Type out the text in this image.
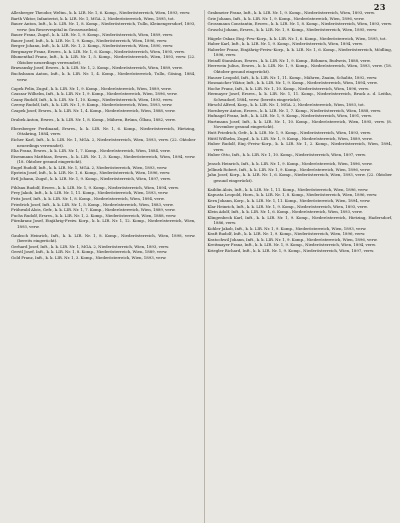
23

Allesberger Theodor, Weltm., k. k. LIR. Nr. 1, 6. Komp., Niederösterreich, Wien, 1893, verw.

Barth Viktor, Infanterist, k. k. LIR. Nr. 1, MGA. 2, Niederösterreich, Wien, 1895, tot.

Bauer Anton, Inft., k. k. LIR. Nr. 1, 8. Komp., Niederösterreich, Tulln, Kleinengersdorf, 1893, verw. (im Reservespital in Grosswardein).

Bauer Franz, Zugsf., k. k. LIR. Nr. 1, 9. Komp., Niederösterreich, Wien, 1889, verw.

Bauer Josef, Inft., k. k. LIR. Nr. 1, 9. Komp., Niederösterreich, Wien, 1896, verw.

Berger Johann, Inft., k. k. LIR. Nr. 1, 2. Komp., Niederösterreich, Wien, 1890, verw.

Bergmayer Franz, Ersres., k. k. LIR. Nr. 1, 6. Komp., Niederösterreich, Wien, 1895, verw.

Blumenthal Franz, Inft., k. k. LIR. Nr. 1, 5. Komp., Niederösterreich, Wien, 1893, verw. (22. Oktober neuerdings verwundet).

Brawansky Josef, Ersres., k. k. LIR. Nr. 1, 2. Komp., Niederösterreich, Wien, 1889, verw.

Buchsbaum Anton, Inft., k. k. LIR. Nr. 1, 4. Komp., Niederösterreich, Tulln, Gösing, 1884, verw.

Capek Felix, Zugsf., k. k. LIR. Nr. 1, 9. Komp., Niederösterreich, Wien, 1889, verw.

Czaszar Wilhelm, Inft., k. k. LIR. Nr. 1, 9. Komp., Niederösterreich, Wien, 1896, verw.

Czany Rudolf, Inft., k. k. LIR. Nr. 1, 10. Komp., Niederösterreich, Wien, 1893, verw.

Czerny Rudolf, Inft., k. k. LIR. Nr. 1, 9. Komp., Niederösterreich, Wien, 1893, verw.

Czapek Josef, Ersres., k. k. LIR. Nr. 1, 4. Komp., Niederösterreich, Wien, 1888, verw.

Drabek Anton, Ersres., k. k. LIR. Nr. 1, 8. Komp., Mähren, Brünn, Ölbau, 1882, verw.

Ebersberger Ferdinand, Ersres., k. k. LIR. Nr. 1, 6. Komp., Niederösterreich, Hietzing, Ottakring, 1884, verw.

Eicher Karl, Inft., k. k. LIR. Nr. 1, MGA. 2, Niederösterreich, Wien, 1893, verw. (22. Oktober neuerdings verwundet).

Elia Franz, Ersres., k. k. LIR. Nr. 1, 7. Komp., Niederösterreich, Wien, 1884, verw.

Eisenmann Matthias, Ersres., k. k. LIR. Nr. 1, 3. Komp., Niederösterreich, Wien, 1894, verw. (18. Oktober gesund eingerückt).

Engel Rudolf, Inft., k. k. LIR. Nr. 1, MGA. 2, Niederösterreich, Wien, 1893, verw.

Epstein Josef, Inft., k. k. LIR. Nr. 1, 6. Komp., Niederösterreich, Wien, 1896, verw.

Ertl Johann, Zugsf., k. k. LIR. Nr. 1, 9. Komp., Niederösterreich, Wien, 1897, verw.

Fihlsau Rudolf, Ersres., k. k. LIR. Nr. 1, 9. Komp., Niederösterreich, Wien, 1894, verw.

Frey Jakob, Inft., k. k. LIR. Nr. 1, 11. Komp., Niederösterreich, Wien, 1893, verw.

Fritz Josef, Inft., k. k. LIR. Nr. 1, 8. Komp., Niederösterreich, Wien, 1894, verw.

Friedrich Josef, Inft., k. k. LIR. Nr. 1, 5. Komp., Niederösterreich, Wien, 1883, verw.

Frühwald Alois, Gefr., k. k. LIR. Nr. 1, 7. Komp., Niederösterreich, Wien, 1889, verw.

Fuchs Rudolf, Ersres., k. k. LIR. Nr. 1, 2. Komp., Niederösterreich, Wien, 1888, verw.

Fürnkranz Josef, Einjährig-Freiw. Korp., k. k. LIR. Nr. 1, 12. Komp., Niederösterreich, Wien, 1893, verw.

Gaubsch Heinrich, Inft., k. k. LIR. Nr. 1, 8. Komp., Niederösterreich, Wien, 1898, verw. (bereits eingerückt).

Gerhard Josef, Inft., k. k. LIR. Nr. 1, MGA. 2, Niederösterreich, Wien, 1893, verw.

Gerstl Josef, Inft., k. k. LIR. Nr. 1, 8. Komp., Niederösterreich, Wien, 1889, verw.

Gold Franz, Inft., k. k. LIR. Nr. 1, 3. Komp., Niederösterreich, Wien, 1893, verw.

Grabmeier Franz, Inft., k. k. LIR. Nr. 1, 9. Komp., Niederösterreich, Wien, 1893, verw.

Grie Johann, Inft., k. k. LIR. Nr. 1, 9. Komp., Niederösterreich, Wien, 1896, verw.

Grossmann Constantin, Ersres., k. k. LIR. Nr. 1, 8. Komp., Niederösterreich, Wien, 1893, verw.

Gruschi Johann, Ersres., k. k. LIR. Nr. 1, 9. Komp., Niederösterreich, Wien, 1895, verw.

Hägele Oskar, Einj.-Frw.-Korp., k. k. LIR. Nr. 1, 6. Komp., Niederösterreich, Wien, 1895, tot.

Haber Karl, Inft., k. k. LIR. Nr. 1, 9. Komp., Niederösterreich, Wien, 1894, verw.

Haberler Franz, Einjährig-Freiw.-Korp., k. k. LIR. Nr. 1, 6. Komp., Niederösterreich, Mödling, 1896, verw.

Heindl Stanislaus, Ersres., k. k. LIR. Nr. 1, 9. Komp., Böhmen, Budweis, 1888, verw.

Herrwein Julius, Ersres., k. k. LIR. Nr. 1, 9. Komp., Niederösterreich, Wien, 1893, verw. (18. Oktober gesund eingerückt).

Hauser Leopold, Inft., k. k. LIR. Nr. 1, 11. Komp., Mähren, Znaim, Schalitz, 1892, verw.

Hosmaicher Viktor, Inft., k. k. LIR. Nr. 1, 9. Komp., Niederösterreich, Wien, 1894, verw.

Hoche Franz, Inft., k. k. LIR. Nr. 1, 10. Komp., Niederösterreich, Wien, 1896, verw.

Hermayer Josef, Ersres., k. k. LIR. Nr. 1, 11. Komp., Niederösterreich, Bruck a. d. Leitha, Schwadorf, 1884, verw. (bereits eingerückt).

Hirschl Alfred, Korp., k. k. LIR. Nr. 1, MGA. 2, Niederösterreich, Wien, 1893, tot.

Hornbeyer Anton, Ersres., k. k. LIR. Nr. 1, 7. Komp., Niederösterreich, Wien, 1888, verw.

Hufnagel Franz, Inft., k. k. LIR. Nr. 1, 9. Komp., Niederösterreich, Wien, 1891, verw.

Hurtmann Josef, Inft., k. k. LIR. Nr. 1, 10. Komp., Niederösterreich, Wien, 1895, verw. (8. November gesund eingerückt).

Hutt Friedrich, Gefr., k. k. LIR. Nr. 1, 9. Komp., Niederösterreich, Wien, 1893, verw.

Hüttl Wilhelm, Zugsf., k. k. LIR. Nr. 1, 9. Komp., Niederösterreich, Wien, 1889, verw.

Huber Rudolf, Einj.-Freiw.-Korp., k. k. LIR. Nr. 1, 2. Komp., Niederösterreich, Wien, 1894, verw.

Huber Otto, Inft., k. k. LIR. Nr. 1, 10. Komp., Niederösterreich, Wien, 1897, verw.

Jensch Heinrich, Inft., k. k. LIR. Nr. 1, 9. Komp., Niederösterreich, Wien, 1896, verw.

Jellinek Robert, Inft., k. k. LIR. Nr. 1, 9. Komp., Niederösterreich, Wien, 1896, verw.

Jahn Josef, Korp., k. k. LIR. Nr. 1, 6. Komp., Niederösterreich, Wien, 1893, verw. (22. Oktober gesund eingerückt).

Kaiblin Alois, Inft., k. k. LIR. Nr. 1, 11. Komp., Niederösterreich, Wien, 1896, verw.

Kapusta Leopold, Horn., k. k. LIR. Nr. 1, 8. Komp., Niederösterreich, Wien, 1896, verw.

Kern Johann, Korp., k. k. LIR. Nr. 1, 11. Komp., Niederösterreich, Wien, 1894, verw.

Klar Heinrich, Inft., k. k. LIR. Nr. 1, 9. Komp., Niederösterreich, Wien, 1893, verw.

Klein Adolf, Inft., k. k. LIR. Nr. 1, 6. Komp., Niederösterreich, Wien, 1893, verw.

Klingenbeck Karl, Inft., k. k. LIR. Nr. 1, 9. Komp., Niederösterreich, Hietzing, Hadersdorf, 1886, verw.

Kohler Jakob, Inft., k. k. LIR. Nr. 1, 9. Komp., Niederösterreich, Wien, 1893, verw.

Kraft Rudolf, Inft., k. k. LIR. Nr. 1, 9. Komp., Niederösterreich, Wien, 1896, verw.

Kratochwil Johann, Inft., k. k. LIR. Nr. 1, 9. Komp., Niederösterreich, Wien, 1896, verw.

Kreitmayer Franz, Inft., k. k. LIR. Nr. 1, 9. Komp., Niederösterreich, Wien, 1894, verw.

Kriegler Richard, Inft., k. k. LIR. Nr. 1, 9. Komp., Niederösterreich, Wien, 1897, verw.
